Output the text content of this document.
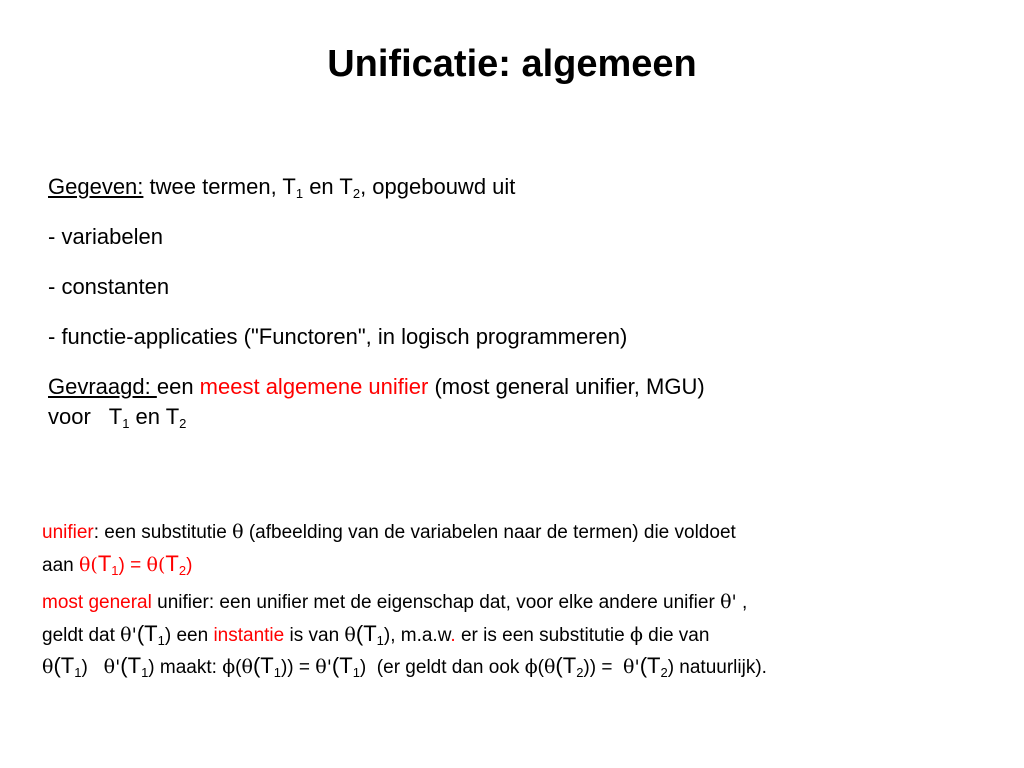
Unificatie: algemeen
Gegeven: twee termen, $T_1$ en $T_2$, opgebouwd uit
- variabelen
- constanten
- functie-applicaties ("Functoren", in logisch programmeren)
Gevraagd: een meest algemene unifier (most general unifier, MGU)
voor   $T_1$ en $T_2$
unifier: een substitutie θ (afbeelding van de variabelen naar de termen) die voldoet
aan $\theta(T_1) = \theta(T_2)$
most general unifier: een unifier met de eigenschap dat, voor elke andere unifier θ' ,
geldt dat $\theta'(T_1)$ een instantie is van $\theta(T_1)$, m.a.w. er is een substitutie ϕ die van
$\theta(T_1)$   $\theta'(T_1)$ maakt: $\phi(\theta(T_1)) = \theta'(T_1)$  (er geldt dan ook $\phi(\theta(T_2)) = \theta'(T_2)$ natuurlijk).
